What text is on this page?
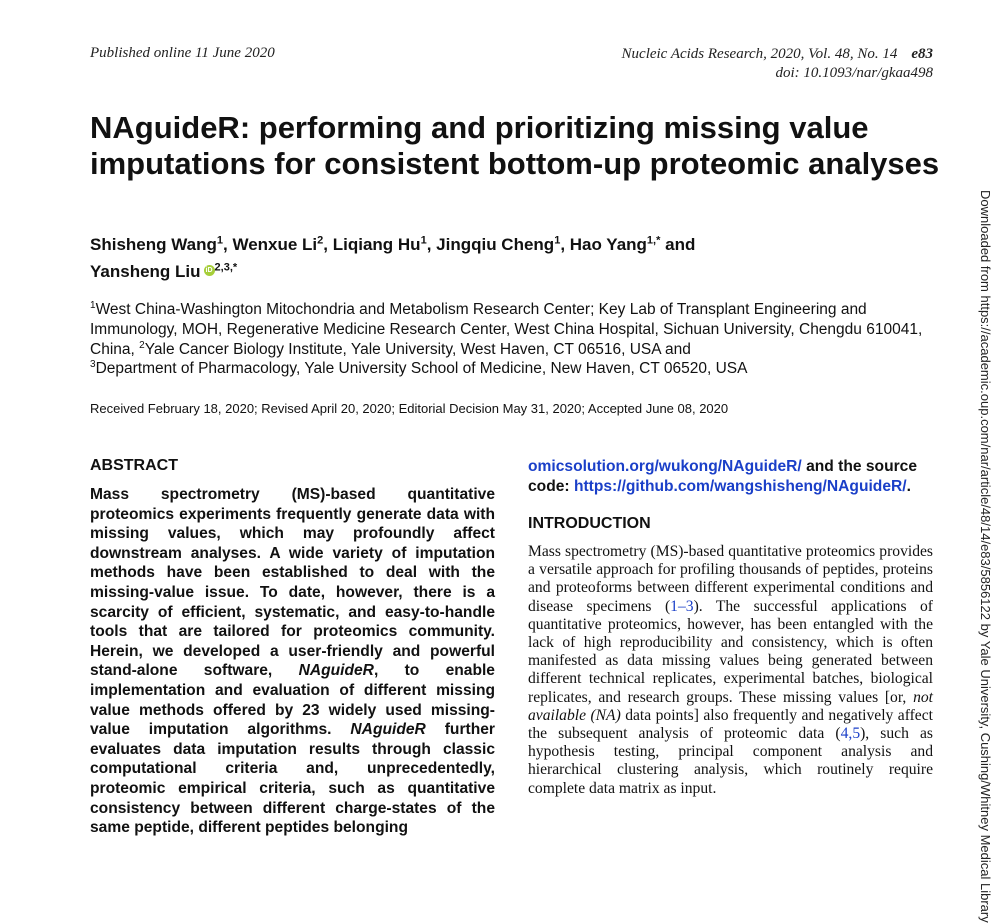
Published online 11 June 2020	Nucleic Acids Research, 2020, Vol. 48, No. 14 e83
doi: 10.1093/nar/gkaa498
NAguideR: performing and prioritizing missing value imputations for consistent bottom-up proteomic analyses
Shisheng Wang$^1$, Wenxue Li$^2$, Liqiang Hu$^1$, Jingqiu Cheng$^1$, Hao Yang$^{1,*}$ and
Yansheng Liu iD $^{2,3,*}$
$^1$West China-Washington Mitochondria and Metabolism Research Center; Key Lab of Transplant Engineering and Immunology, MOH, Regenerative Medicine Research Center, West China Hospital, Sichuan University, Chengdu 610041, China, $^2$Yale Cancer Biology Institute, Yale University, West Haven, CT 06516, USA and
$^3$Department of Pharmacology, Yale University School of Medicine, New Haven, CT 06520, USA
Received February 18, 2020; Revised April 20, 2020; Editorial Decision May 31, 2020; Accepted June 08, 2020
ABSTRACT

Mass spectrometry (MS)-based quantitative proteomics experiments frequently generate data with missing values, which may profoundly affect downstream analyses. A wide variety of imputation methods have been established to deal with the missing-value issue. To date, however, there is a scarcity of efficient, systematic, and easy-to-handle tools that are tailored for proteomics community. Herein, we developed a user-friendly and powerful stand-alone software, NAguideR, to enable implementation and evaluation of different missing value methods offered by 23 widely used missing-value imputation algorithms. NAguideR further evaluates data imputation results through classic computational criteria and, unprecedentedly, proteomic empirical criteria, such as quantitative consistency between different charge-states of the same peptide, different peptides belonging

omicsolution.org/wukong/NAguideR/ and the source code: https://github.com/wangshisheng/NAguideR/.
INTRODUCTION

Mass spectrometry (MS)-based quantitative proteomics provides a versatile approach for profiling thousands of peptides, proteins and proteoforms between different experimental conditions and disease specimens (1–3). The successful applications of quantitative proteomics, however, has been entangled with the lack of high reproducibility and consistency, which is often manifested as data missing values being generated between different technical replicates, experimental batches, biological replicates, and research groups. These missing values [or, not available (NA) data points] also frequently and negatively affect the subsequent analysis of proteomic data (4,5), such as hypothesis testing, principal component analysis and hierarchical clustering analysis, which routinely require complete data matrix as input.	Downloaded from https://academic.oup.com/nar/article/48/14/e83/5856122 by Yale University, Cushing/Whitney Medical Library
